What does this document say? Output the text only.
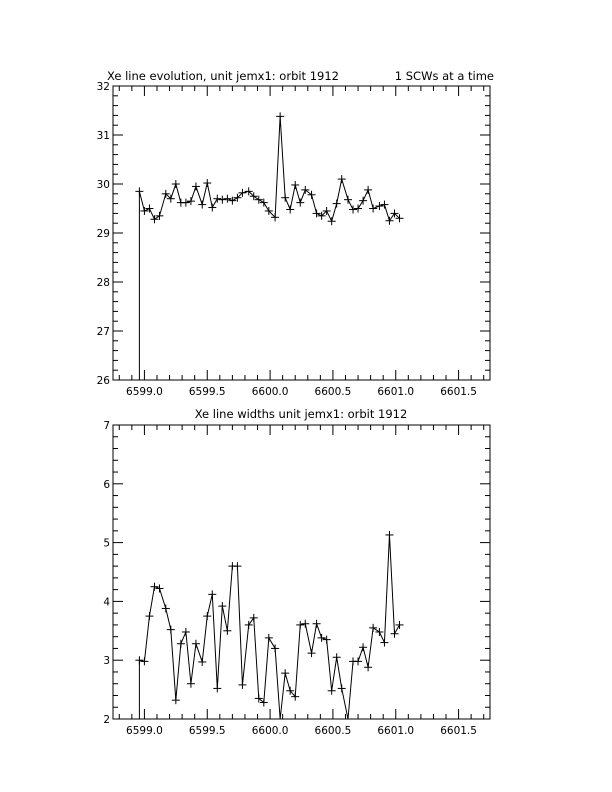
Xe line evolution, unit jemx1: orbit 1912	1 SCWs at a time
6599.0 6599.5 6600.0 6600.5 6601.0 6601.5
26
27
28
29
30
31
32
Xe line widths unit jemx1: orbit 1912
6599.0 6599.5 6600.0 6600.5 6601.0 6601.5
2
3
4
5
6
7
